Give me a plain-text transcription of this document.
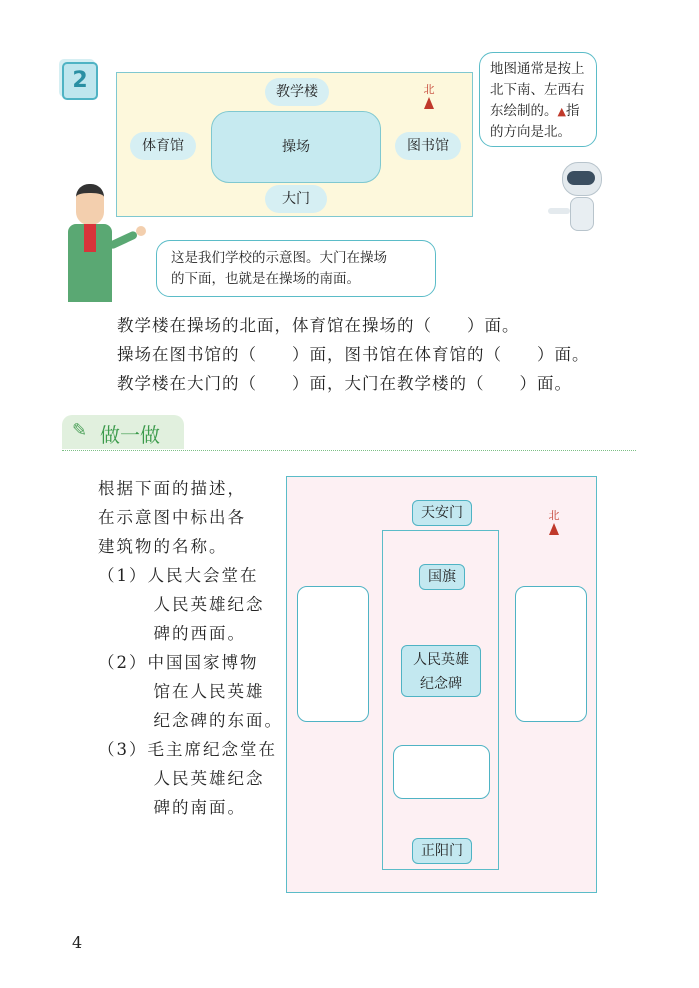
2	教学楼
体育馆	操场	图书馆
大门
北
地图通常是按上
北下南、左西右
东绘制的。▲指
的方向是北。
这是我们学校的示意图。大门在操场
的下面，也就是在操场的南面。
教学楼在操场的北面，体育馆在操场的（　　）面。
操场在图书馆的（　　）面，图书馆在体育馆的（　　）面。
教学楼在大门的（　　）面，大门在教学楼的（　　）面。
✎ 做一做
根据下面的描述，
在示意图中标出各
建筑物的名称。
（1）人民大会堂在
　　　人民英雄纪念
　　　碑的西面。
（2）中国国家博物
　　　馆在人民英雄
　　　纪念碑的东面。
（3）毛主席纪念堂在
　　　人民英雄纪念
　　　碑的南面。
天安门
国旗
人民英雄
纪念碑
正阳门
北
4
